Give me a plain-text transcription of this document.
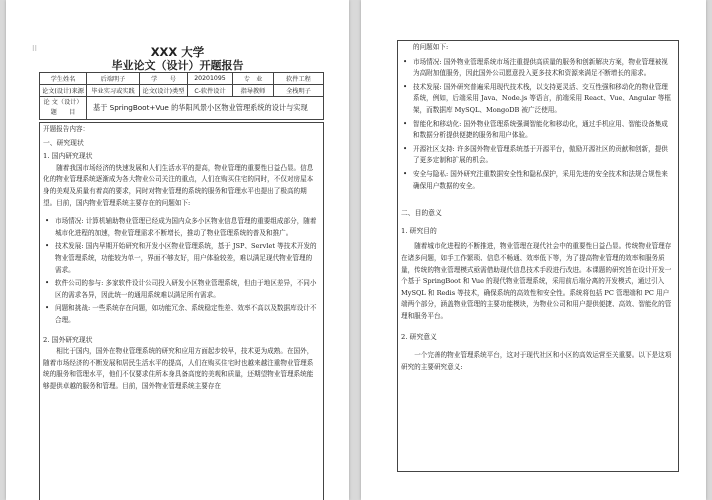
⁝⁝	XXX 大学
毕业论文（设计）开题报告
学生姓名	后端明子	学　　号	20201095	专　业	软件工程
论文(设计)来源	毕业实习或实践	论文(设计)类型	C-软件设计	指导教师	全栈明子

论 文（设计）
题　　目	基于 SpringBoot+Vue 的华阳风景小区物业管理系统的设计与实现				
开题报告内容：
一、研究现状
1. 国内研究现状
随着我国市场经济的快速发展和人们生活水平的提高，物业管理的重要性日益凸显。信息化的物业管理系统逐渐成为各大物业公司关注的重点，人们在购买住宅的同时，不仅对房屋本身的美观及质量有着高的要求，同时对物业管理的系统的服务和管理水平也提出了极高的期望。目前，国内物业管理系统主要存在的问题如下:
• 市场情况: 计算机辅助物业管理已经成为国内众多小区物业信息管理的重要组成部分，随着城市化进程的加速，物业管理需求不断增长，推动了物业管理系统的普及和推广。
• 技术发展: 国内早期开始研究和开发小区物业管理系统，基于 JSP、Servlet 等技术开发的物业管理系统，功能较为单一，界面不够友好，用户体验较差，难以满足现代物业管理的需求。
• 软件公司的参与: 多家软件设计公司投入研发小区物业管理系统，但由于地区差异，不同小区的需求各异，因此统一的通用系统难以满足所有需求。
• 问题和挑战: 一些系统存在问题，如功能冗余、系统稳定性差、效率不高以及数据库设计不合理。
2. 国外研究现状
相比于国内，国外在物业管理系统的研究和应用方面起步较早，技术更为成熟。在国外，随着市场经济的不断发展和居民生活水平的提高，人们在购买住宅时也越来越注重物业管理系统的服务和管理水平，他们不仅要求住所本身具备高度的美观和质量，还期望物业管理系统能够提供卓越的服务和管理。目前，国外物业管理系统主要存在
的问题如下:
• 市场情况: 国外物业管理系统市场注重提供高质量的服务和创新解决方案，物业管理被视为高附加值服务，因此国外公司愿意投入更多技术和资源来满足不断增长的需求。
• 技术发展: 国外研究普遍采用现代技术栈，以支持更灵活、交互性强和移动化的物业管理系统，例如，后端采用 Java、Node.js 等语言，前端采用 React、Vue、Angular 等框架，而数据库 MySQL、MongoDB 被广泛使用。
• 智能化和移动化: 国外物业管理系统强调智能化和移动化，通过手机应用、智能设备集成和数据分析提供便捷的服务和用户体验。
• 开源社区支持: 许多国外物业管理系统基于开源平台，傲励开源社区的贡献和创新，提供了更多定制和扩展的机会。
• 安全与隐私: 国外研究注重数据安全性和隐私保护，采用先进的安全技术和法规合规性来确保用户数据的安全。
二、目的意义
1. 研究目的
随着城市化进程的不断推进，物业管理在现代社会中的重要性日益凸显。传统物业管理存在诸多问题，如手工作繁琐、信息不畅通、效率低下等，为了提高物业管理的效率和服务质量，传统的物业管理模式亟需借助现代信息技术手段进行改进。本课题的研究旨在设计开发一个基于 SpringBoot 和 Vue 的现代物业管理系统，采用前后端分离的开发模式，通过引入 MySQL 和 Redis 等技术，确保系统的高效性和安全性。系统将包括 PC 管理端和 PC 用户端两个部分，涵盖物业管理的主要功能模块，为物业公司和用户提供便捷、高效、智能化的管理和服务平台。
2. 研究意义
一个完善的物业管理系统平台，这对于现代社区和小区的高效运营至关重要。以下是这项研究的主要研究意义:
